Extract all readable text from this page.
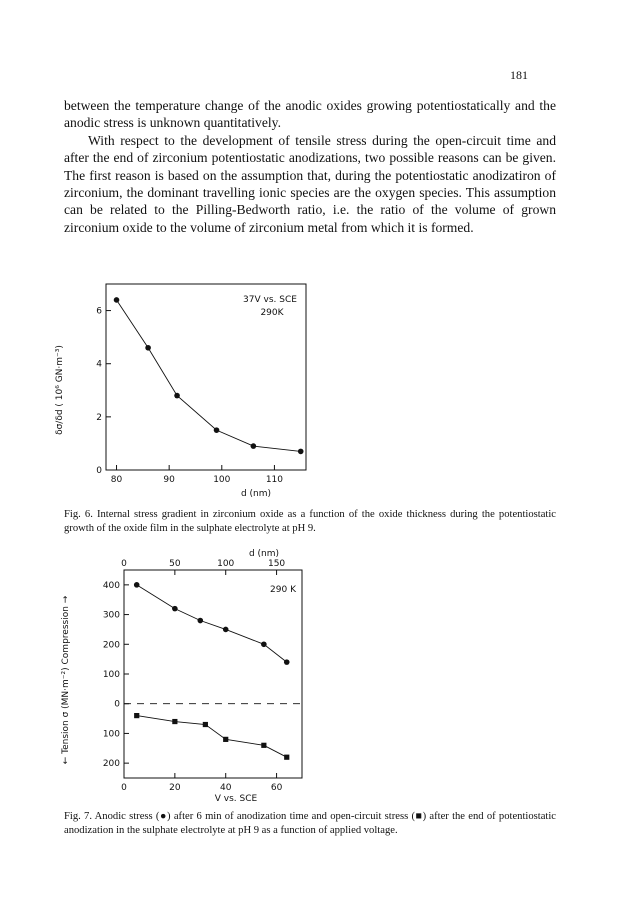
181

between the temperature change of the anodic oxides growing potentiostatically and the anodic stress is unknown quantitatively.

With respect to the development of tensile stress during the open-circuit time and after the end of zirconium potentiostatic anodizations, two possible reasons can be given. The first reason is based on the assumption that, during the potentiostatic anodizatiron of zirconium, the dominant travelling ionic species are the oxygen species. This assumption can be related to the Pilling-Bedworth ratio, i.e. the ratio of the volume of grown zirconium oxide to the volume of zirconium metal from which it is formed.

80	90	100	110
0
2
4
6
37V vs. SCE
290K
δσ/δd ( 10⁶ GN·m⁻³)
d (nm)
Fig. 6. Internal stress gradient in zirconium oxide as a function of the oxide thickness during the potentiostatic growth of the oxide film in the sulphate electrolyte at pH 9.
0	20	40	60
400
300
200
100
0
100
200
0	50	100	150
d (nm)
290 K
← Tension σ (MN·m⁻²) Compression →
V vs. SCE
Fig. 7. Anodic stress (●) after 6 min of anodization time and open-circuit stress (■) after the end of potentiostatic anodization in the sulphate electrolyte at pH 9 as a function of applied voltage.
